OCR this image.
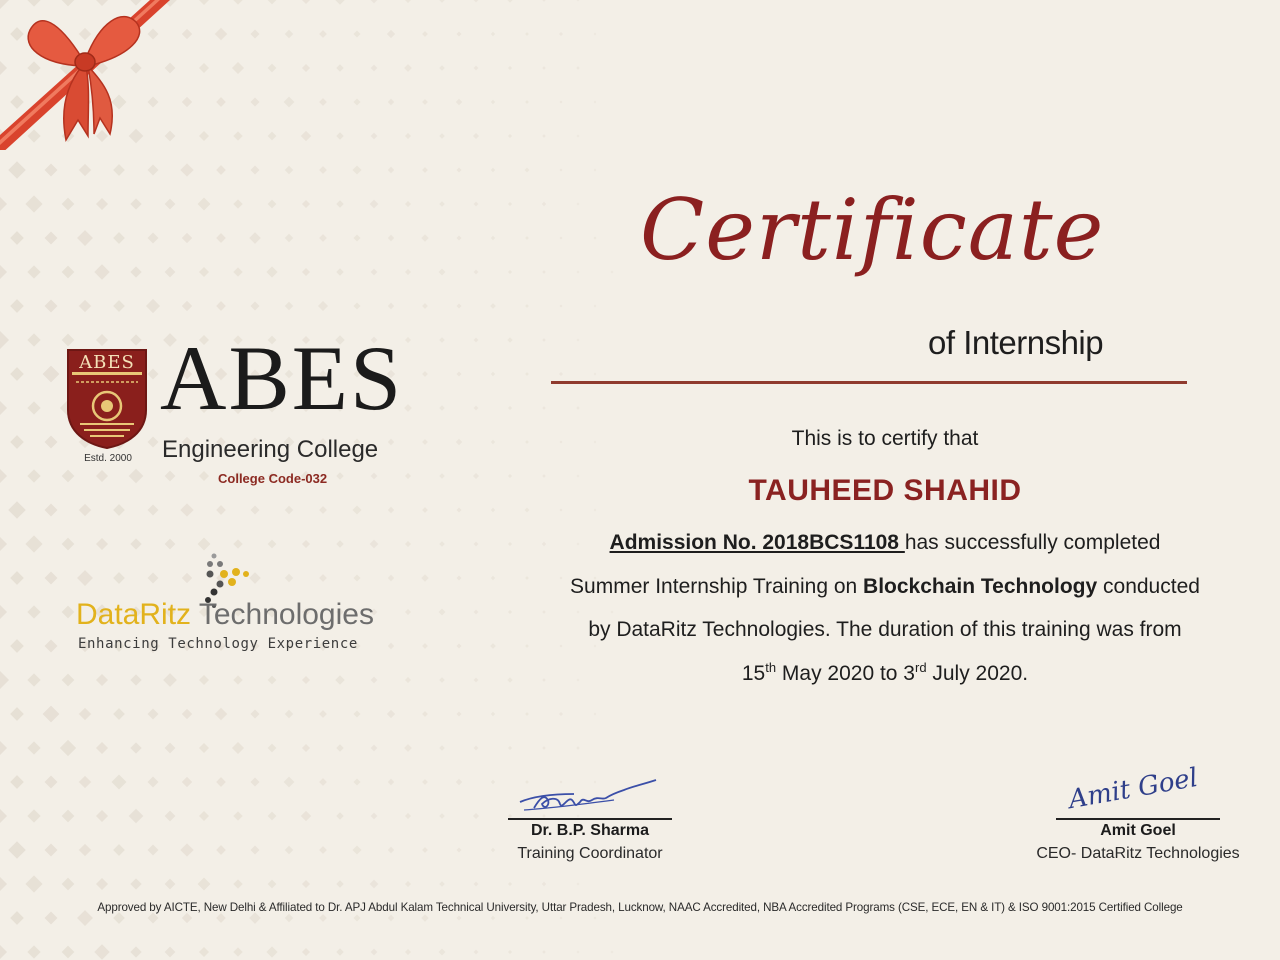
ABES
Estd. 2000
ABES
Engineering College
College Code-032
DataRitz Technologies
Enhancing Technology Experience
Certificate
of Internship
This is to certify that
TAUHEED SHAHID
Admission No. 2018BCS1108 has successfully completed
Summer Internship Training on Blockchain Technology conducted
by DataRitz Technologies. The duration of this training was from
15th May 2020 to 3rd July 2020.
Dr. B.P. Sharma
Training Coordinator
Amit Goel
Amit Goel
CEO- DataRitz Technologies
Approved by AICTE, New Delhi & Affiliated to Dr. APJ Abdul Kalam Technical University, Uttar Pradesh, Lucknow, NAAC Accredited, NBA Accredited Programs (CSE, ECE, EN & IT) & ISO 9001:2015 Certified College
